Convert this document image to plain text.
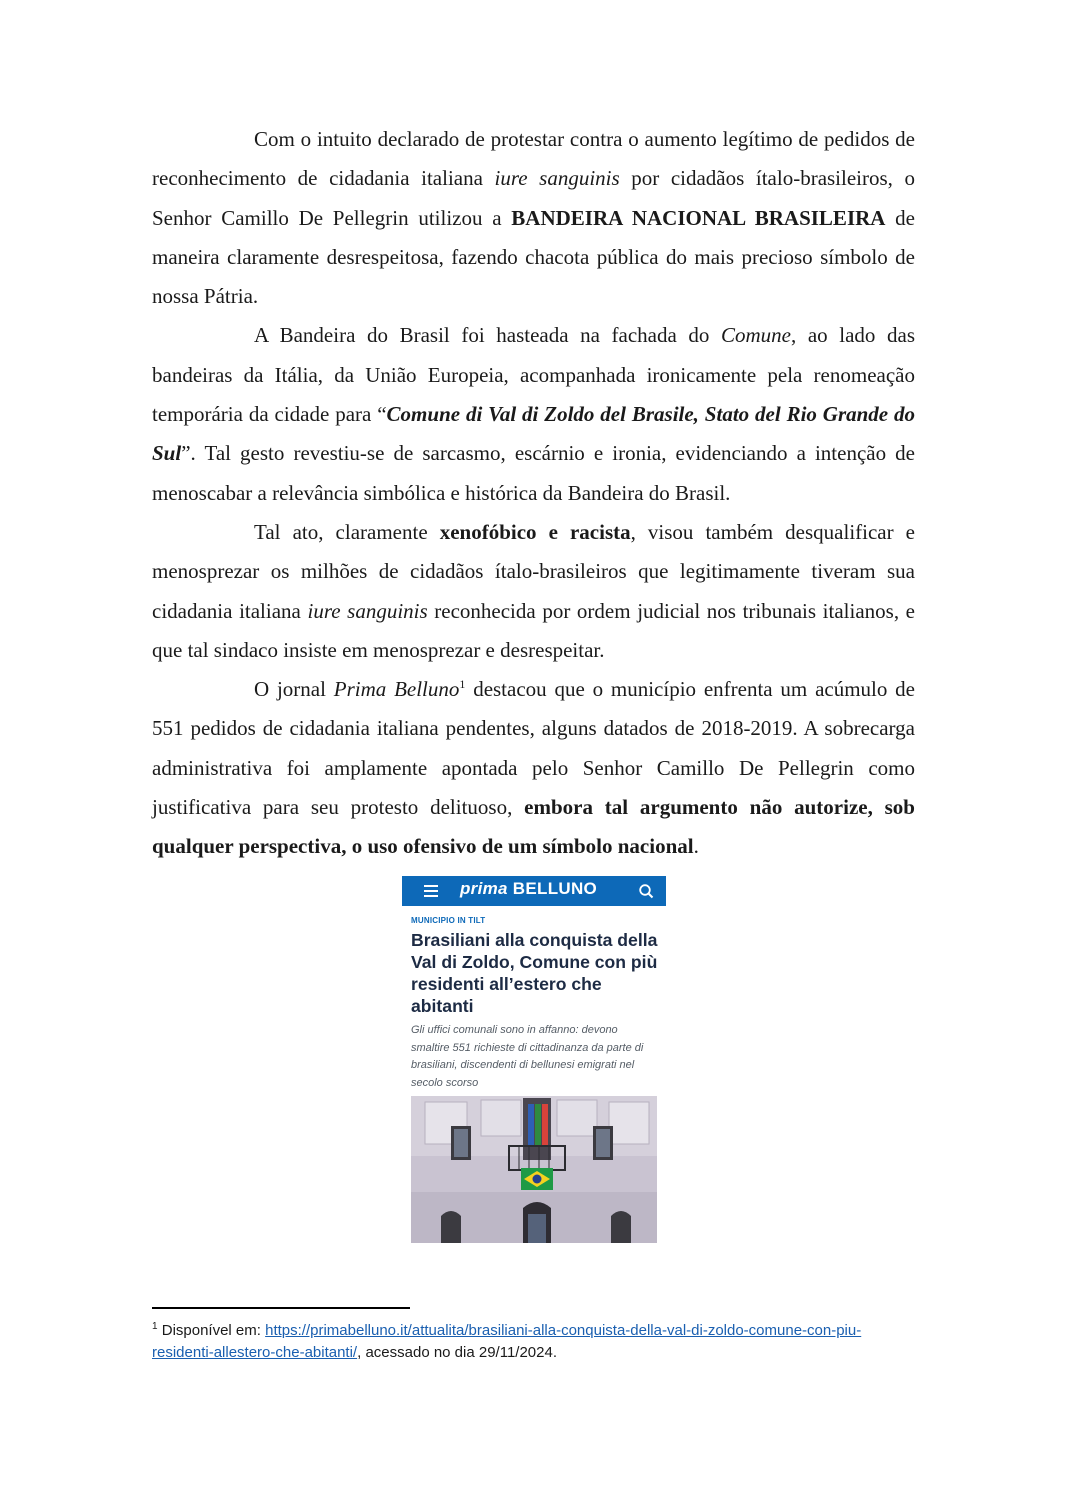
Com o intuito declarado de protestar contra o aumento legítimo de pedidos de reconhecimento de cidadania italiana iure sanguinis por cidadãos ítalo-brasileiros, o Senhor Camillo De Pellegrin utilizou a BANDEIRA NACIONAL BRASILEIRA de maneira claramente desrespeitosa, fazendo chacota pública do mais precioso símbolo de nossa Pátria.

A Bandeira do Brasil foi hasteada na fachada do Comune, ao lado das bandeiras da Itália, da União Europeia, acompanhada ironicamente pela renomeação temporária da cidade para “Comune di Val di Zoldo del Brasile, Stato del Rio Grande do Sul”. Tal gesto revestiu-se de sarcasmo, escárnio e ironia, evidenciando a intenção de menoscabar a relevância simbólica e histórica da Bandeira do Brasil.

Tal ato, claramente xenofóbico e racista, visou também desqualificar e menosprezar os milhões de cidadãos ítalo-brasileiros que legitimamente tiveram sua cidadania italiana iure sanguinis reconhecida por ordem judicial nos tribunais italianos, e que tal sindaco insiste em menosprezar e desrespeitar.

O jornal Prima Belluno$^1$ destacou que o município enfrenta um acúmulo de 551 pedidos de cidadania italiana pendentes, alguns datados de 2018-2019. A sobrecarga administrativa foi amplamente apontada pelo Senhor Camillo De Pellegrin como justificativa para seu protesto delituoso, embora tal argumento não autorize, sob qualquer perspectiva, o uso ofensivo de um símbolo nacional.

prima BELLUNO
MUNICIPIO IN TILT
Brasiliani alla conquista della Val di Zoldo, Comune con più residenti all’estero che abitanti
Gli uffici comunali sono in affanno: devono smaltire 551 richieste di cittadinanza da parte di brasiliani, discendenti di bellunesi emigrati nel secolo scorso
$^1$ Disponível em: https://primabelluno.it/attualita/brasiliani-alla-conquista-della-val-di-zoldo-comune-con-piu-residenti-allestero-che-abitanti/, acessado no dia 29/11/2024.
